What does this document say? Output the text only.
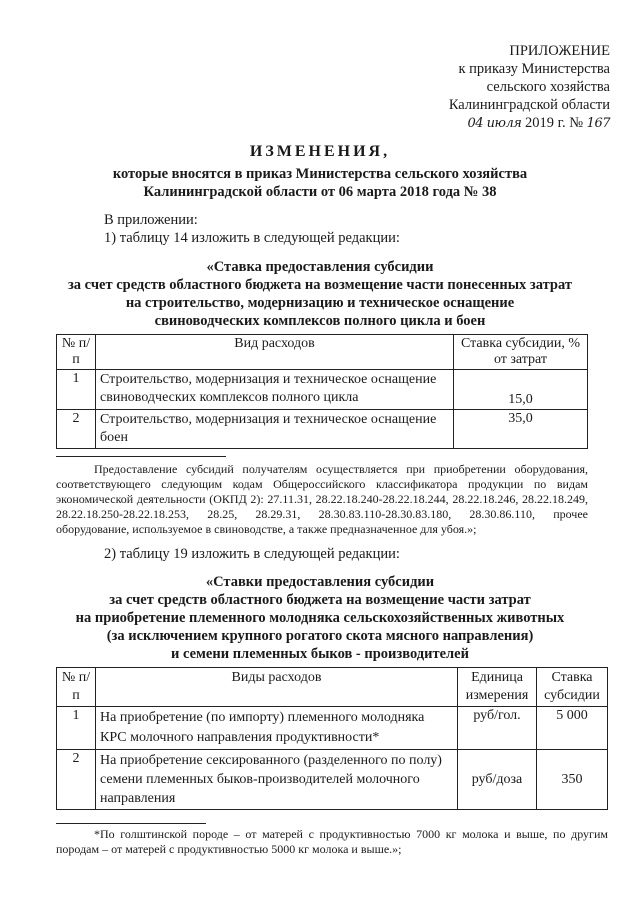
ПРИЛОЖЕНИЕ
к приказу Министерства
сельского хозяйства
Калининградской области
04 июля 2019 г. № 167
ИЗМЕНЕНИЯ,
которые вносятся в приказ Министерства сельского хозяйства
Калининградской области от 06 марта 2018 года № 38
В приложении:
1) таблицу 14 изложить в следующей редакции:
«Ставка предоставления субсидии
за счет средств областного бюджета на возмещение части понесенных затрат
на строительство, модернизацию и техническое оснащение
свиноводческих комплексов полного цикла и боен
№ п/п	Вид расходов	Ставка субсидии, % от затрат
1	Строительство, модернизация и техническое оснащение свиноводческих комплексов полного цикла	15,0
2	Строительство, модернизация и техническое оснащение боен	35,0
Предоставление субсидий получателям осуществляется при приобретении оборудования, соответствующего следующим кодам Общероссийского классификатора продукции по видам экономической деятельности (ОКПД 2): 27.11.31, 28.22.18.240-28.22.18.244, 28.22.18.246, 28.22.18.249, 28.22.18.250-28.22.18.253, 28.25, 28.29.31, 28.30.83.110-28.30.83.180, 28.30.86.110, прочее оборудование, используемое в свиноводстве, а также предназначенное для убоя.»;
2) таблицу 19 изложить в следующей редакции:
«Ставки предоставления субсидии
за счет средств областного бюджета на возмещение части затрат
на приобретение племенного молодняка сельскохозяйственных животных
(за исключением крупного рогатого скота мясного направления)
и семени племенных быков - производителей
№ п/п	Виды расходов	Единица измерения	Ставка субсидии
1	На приобретение (по импорту) племенного молодняка КРС молочного направления продуктивности*	руб/гол.	5 000
2	На приобретение сексированного (разделенного по полу) семени племенных быков-производителей молочного направления	руб/доза	350
*По голштинской породе – от матерей с продуктивностью 7000 кг молока и выше, по другим породам – от матерей с продуктивностью 5000 кг молока и выше.»;
